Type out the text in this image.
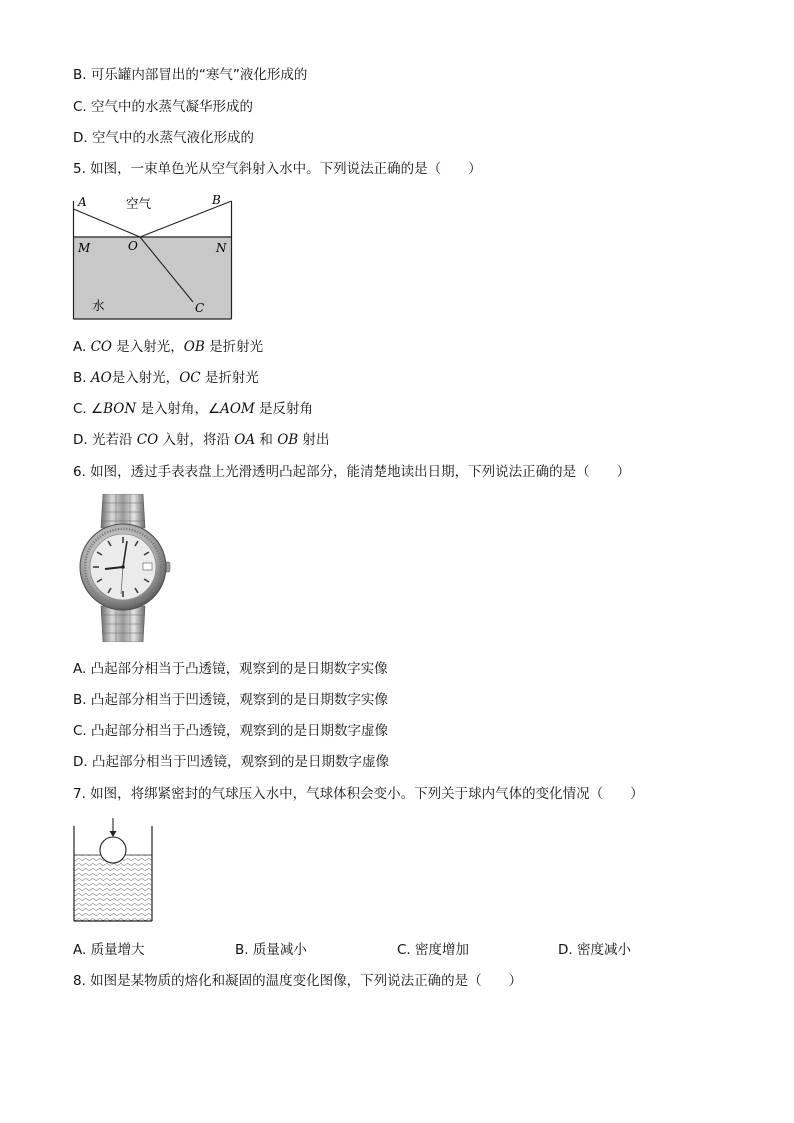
B. 可乐罐内部冒出的“寒气”液化形成的
C. 空气中的水蒸气凝华形成的
D. 空气中的水蒸气液化形成的
5. 如图，一束单色光从空气斜射入水中。下列说法正确的是（　　）
A	B
空气
M	O	N
水	C
A. CO 是入射光，OB 是折射光
B. AO是入射光，OC 是折射光
C. ∠BON 是入射角，∠AOM 是反射角
D. 光若沿 CO 入射，将沿 OA 和 OB 射出
6. 如图，透过手表表盘上光滑透明凸起部分，能清楚地读出日期，下列说法正确的是（　　）
A. 凸起部分相当于凸透镜，观察到的是日期数字实像
B. 凸起部分相当于凹透镜，观察到的是日期数字实像
C. 凸起部分相当于凸透镜，观察到的是日期数字虚像
D. 凸起部分相当于凹透镜，观察到的是日期数字虚像
7. 如图，将绑紧密封的气球压入水中，气球体积会变小。下列关于球内气体的变化情况（　　）
A. 质量增大	B. 质量减小	C. 密度增加	D. 密度减小
8. 如图是某物质的熔化和凝固的温度变化图像，下列说法正确的是（　　）
